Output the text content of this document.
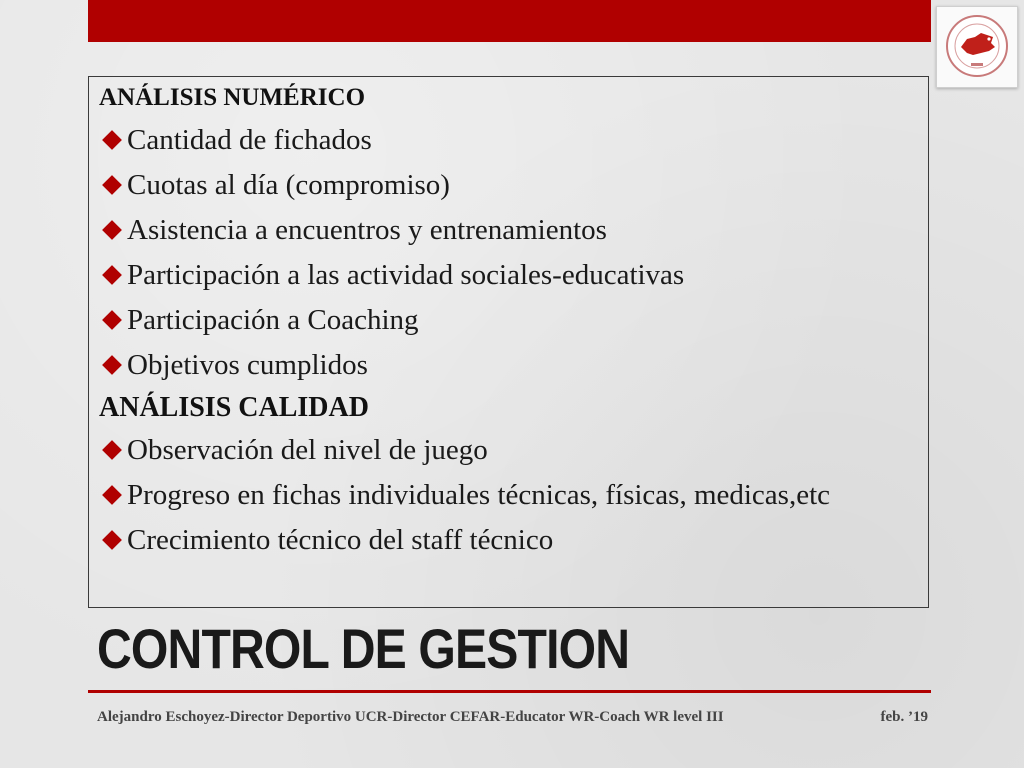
ANÁLISIS NUMÉRICO
Cantidad de fichados
Cuotas al día (compromiso)
Asistencia a encuentros y entrenamientos
Participación a las actividad sociales-educativas
Participación a Coaching
Objetivos cumplidos
ANÁLISIS CALIDAD
Observación del nivel de juego
Progreso en fichas individuales técnicas, físicas, medicas,etc
Crecimiento técnico del staff técnico
CONTROL DE GESTION
Alejandro Eschoyez-Director Deportivo UCR-Director CEFAR-Educator WR-Coach WR level III	feb. ’19
